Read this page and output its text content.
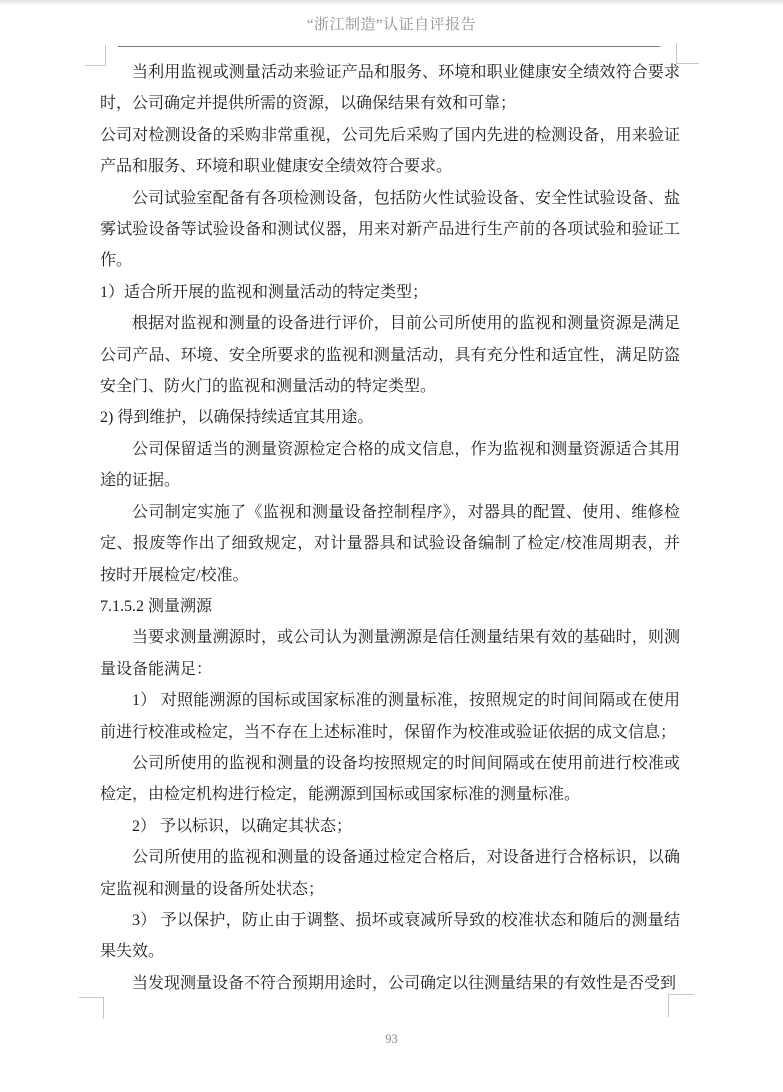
“浙江制造”认证自评报告

当利用监视或测量活动来验证产品和服务、环境和职业健康安全绩效符合要求时，公司确定并提供所需的资源，以确保结果有效和可靠；

公司对检测设备的采购非常重视，公司先后采购了国内先进的检测设备，用来验证产品和服务、环境和职业健康安全绩效符合要求。

公司试验室配备有各项检测设备，包括防火性试验设备、安全性试验设备、盐雾试验设备等试验设备和测试仪器，用来对新产品进行生产前的各项试验和验证工作。

1）适合所开展的监视和测量活动的特定类型；

根据对监视和测量的设备进行评价，目前公司所使用的监视和测量资源是满足公司产品、环境、安全所要求的监视和测量活动，具有充分性和适宜性，满足防盗安全门、防火门的监视和测量活动的特定类型。

2) 得到维护，以确保持续适宜其用途。

公司保留适当的测量资源检定合格的成文信息，作为监视和测量资源适合其用途的证据。

公司制定实施了《监视和测量设备控制程序》，对器具的配置、使用、维修检定、报废等作出了细致规定，对计量器具和试验设备编制了检定/校准周期表，并按时开展检定/校准。

7.1.5.2 测量溯源

当要求测量溯源时，或公司认为测量溯源是信任测量结果有效的基础时，则测量设备能满足：

1） 对照能溯源的国标或国家标准的测量标准，按照规定的时间间隔或在使用前进行校准或检定，当不存在上述标准时，保留作为校准或验证依据的成文信息；

公司所使用的监视和测量的设备均按照规定的时间间隔或在使用前进行校准或检定，由检定机构进行检定，能溯源到国标或国家标准的测量标准。

2） 予以标识，以确定其状态；

公司所使用的监视和测量的设备通过检定合格后，对设备进行合格标识，以确定监视和测量的设备所处状态；

3） 予以保护，防止由于调整、损坏或衰减所导致的校准状态和随后的测量结果失效。

当发现测量设备不符合预期用途时，公司确定以往测量结果的有效性是否受到

93
